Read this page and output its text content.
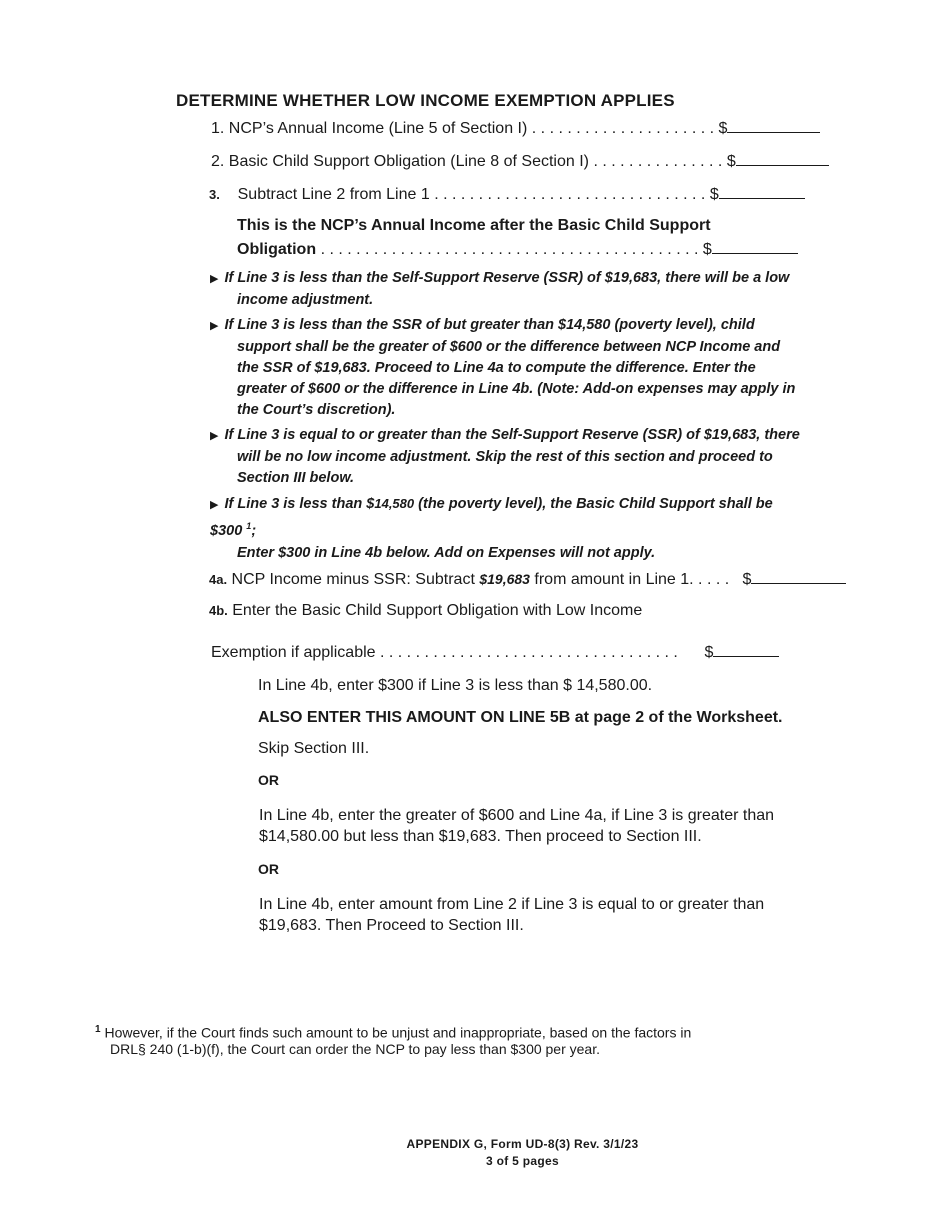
DETERMINE WHETHER LOW INCOME EXEMPTION APPLIES
1. NCP’s Annual Income (Line 5 of Section I) . . . . . . . . . . . . . . . . . . . . . $
2. Basic Child Support Obligation (Line 8 of Section I) . . . . . . . . . . . . . . . $
3. Subtract Line 2 from Line 1 . . . . . . . . . . . . . . . . . . . . . . . . . . . . . . . $
This is the NCP’s Annual Income after the Basic Child Support
Obligation . . . . . . . . . . . . . . . . . . . . . . . . . . . . . . . . . . . . . . . . . . . $
▶ If Line 3 is less than the Self-Support Reserve (SSR) of $19,683, there will be a low
income adjustment.
▶ If Line 3 is less than the SSR of but greater than $14,580 (poverty level), child
support shall be the greater of $600 or the difference between NCP Income and
the SSR of $19,683. Proceed to Line 4a to compute the difference. Enter the
greater of $600 or the difference in Line 4b. (Note: Add-on expenses may apply in
the Court’s discretion).
▶ If Line 3 is equal to or greater than the Self-Support Reserve (SSR) of $19,683, there
will be no low income adjustment. Skip the rest of this section and proceed to
Section III below.
▶ If Line 3 is less than $14,580 (the poverty level), the Basic Child Support shall be
$300 $^1$;
Enter $300 in Line 4b below. Add on Expenses will not apply.
4a. NCP Income minus SSR: Subtract $19,683 from amount in Line 1. . . . . $
4b. Enter the Basic Child Support Obligation with Low Income
Exemption if applicable . . . . . . . . . . . . . . . . . . . . . . . . . . . . . . . . . . $
In Line 4b, enter $300 if Line 3 is less than $ 14,580.00.
ALSO ENTER THIS AMOUNT ON LINE 5B at page 2 of the Worksheet.
Skip Section III.
OR
In Line 4b, enter the greater of $600 and Line 4a, if Line 3 is greater than
$14,580.00 but less than $19,683. Then proceed to Section III.
OR
In Line 4b, enter amount from Line 2 if Line 3 is equal to or greater than
$19,683. Then Proceed to Section III.
$^1$ However, if the Court finds such amount to be unjust and inappropriate, based on the factors in
DRL§ 240 (1-b)(f), the Court can order the NCP to pay less than $300 per year.
APPENDIX G, Form UD-8(3) Rev. 3/1/23
3 of 5 pages
